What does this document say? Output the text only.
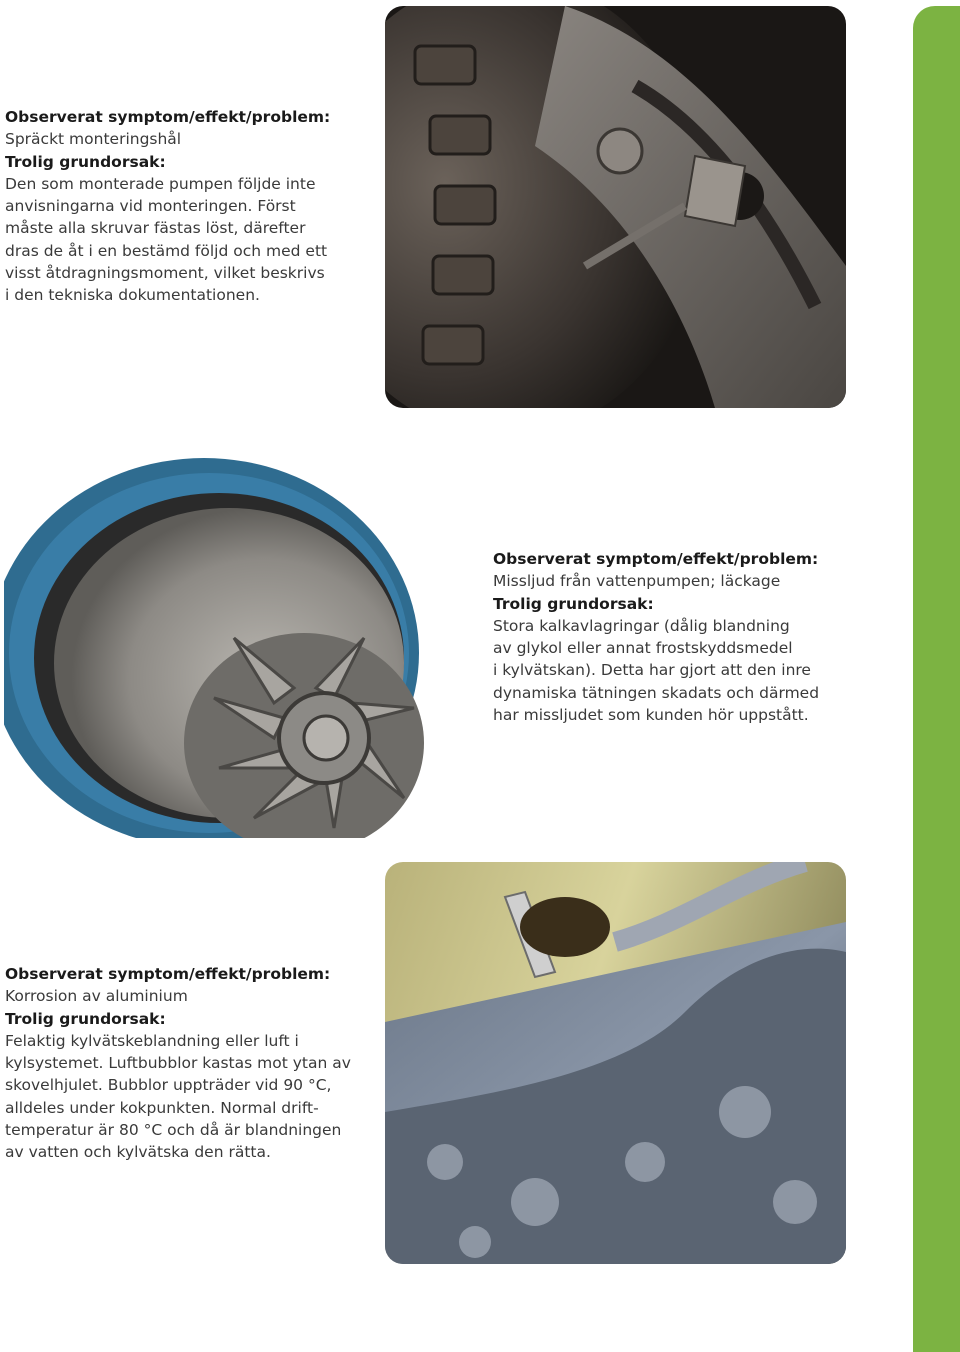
Observerat symptom/effekt/problem:
Spräckt monteringshål
Trolig grundorsak:
Den som monterade pumpen följde inte
anvisningarna vid monteringen. Först
måste alla skruvar fästas löst, därefter
dras de åt i en bestämd följd och med ett
visst åtdragningsmoment, vilket beskrivs
i den tekniska dokumentationen.
Observerat symptom/effekt/problem:
Missljud från vattenpumpen; läckage
Trolig grundorsak:
Stora kalkavlagringar (dålig blandning
av glykol eller annat frostskyddsmedel
i kylvätskan). Detta har gjort att den inre
dynamiska tätningen skadats och därmed
har missljudet som kunden hör uppstått.
Observerat symptom/effekt/problem:
Korrosion av aluminium
Trolig grundorsak:
Felaktig kylvätskeblandning eller luft i
kylsystemet. Luftbubblor kastas mot ytan av
skovelhjulet. Bubblor uppträder vid 90 °C,
alldeles under kokpunkten. Normal drift-
temperatur är 80 °C och då är blandningen
av vatten och kylvätska den rätta.
